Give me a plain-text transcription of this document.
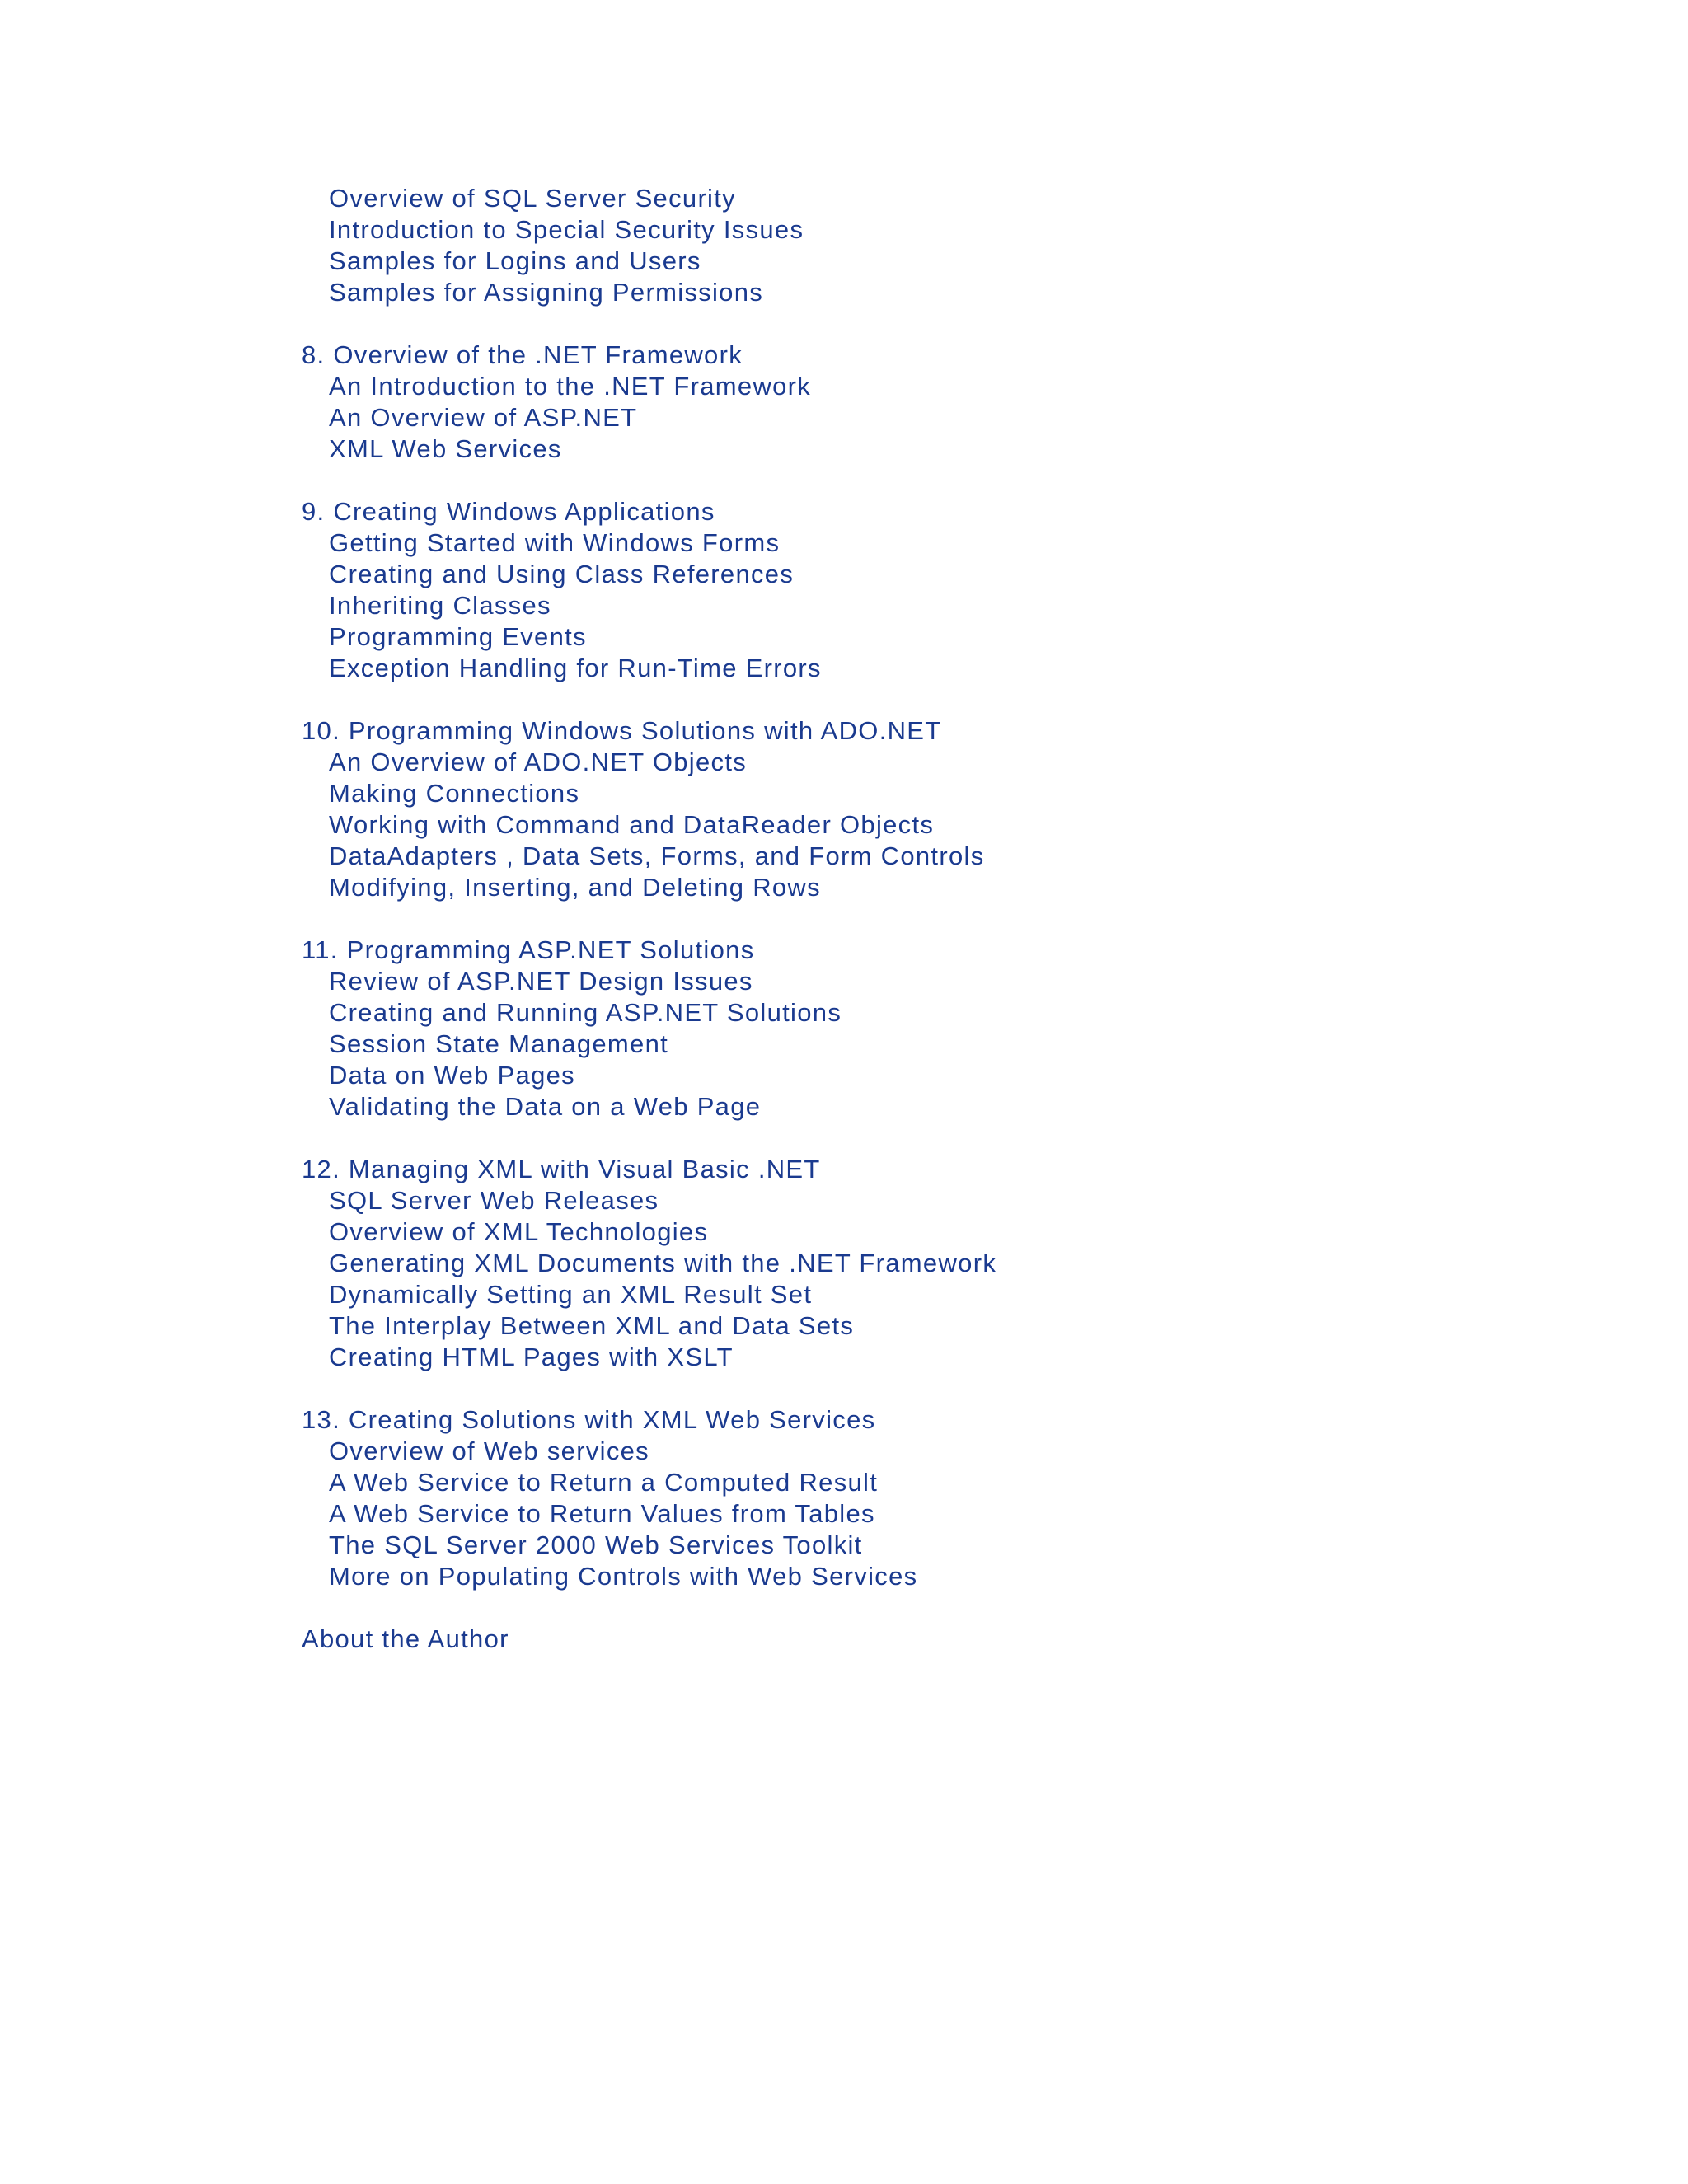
Overview of SQL Server Security
Introduction to Special Security Issues
Samples for Logins and Users
Samples for Assigning Permissions
8. Overview of the .NET Framework
An Introduction to the .NET Framework
An Overview of ASP.NET
XML Web Services
9. Creating Windows Applications
Getting Started with Windows Forms
Creating and Using Class References
Inheriting Classes
Programming Events
Exception Handling for Run-Time Errors
10. Programming Windows Solutions with ADO.NET
An Overview of ADO.NET Objects
Making Connections
Working with Command and DataReader Objects
DataAdapters , Data Sets, Forms, and Form Controls
Modifying, Inserting, and Deleting Rows
11. Programming ASP.NET Solutions
Review of ASP.NET Design Issues
Creating and Running ASP.NET Solutions
Session State Management
Data on Web Pages
Validating the Data on a Web Page
12. Managing XML with Visual Basic .NET
SQL Server Web Releases
Overview of XML Technologies
Generating XML Documents with the .NET Framework
Dynamically Setting an XML Result Set
The Interplay Between XML and Data Sets
Creating HTML Pages with XSLT
13. Creating Solutions with XML Web Services
Overview of Web services
A Web Service to Return a Computed Result
A Web Service to Return Values from Tables
The SQL Server 2000 Web Services Toolkit
More on Populating Controls with Web Services
About the Author
